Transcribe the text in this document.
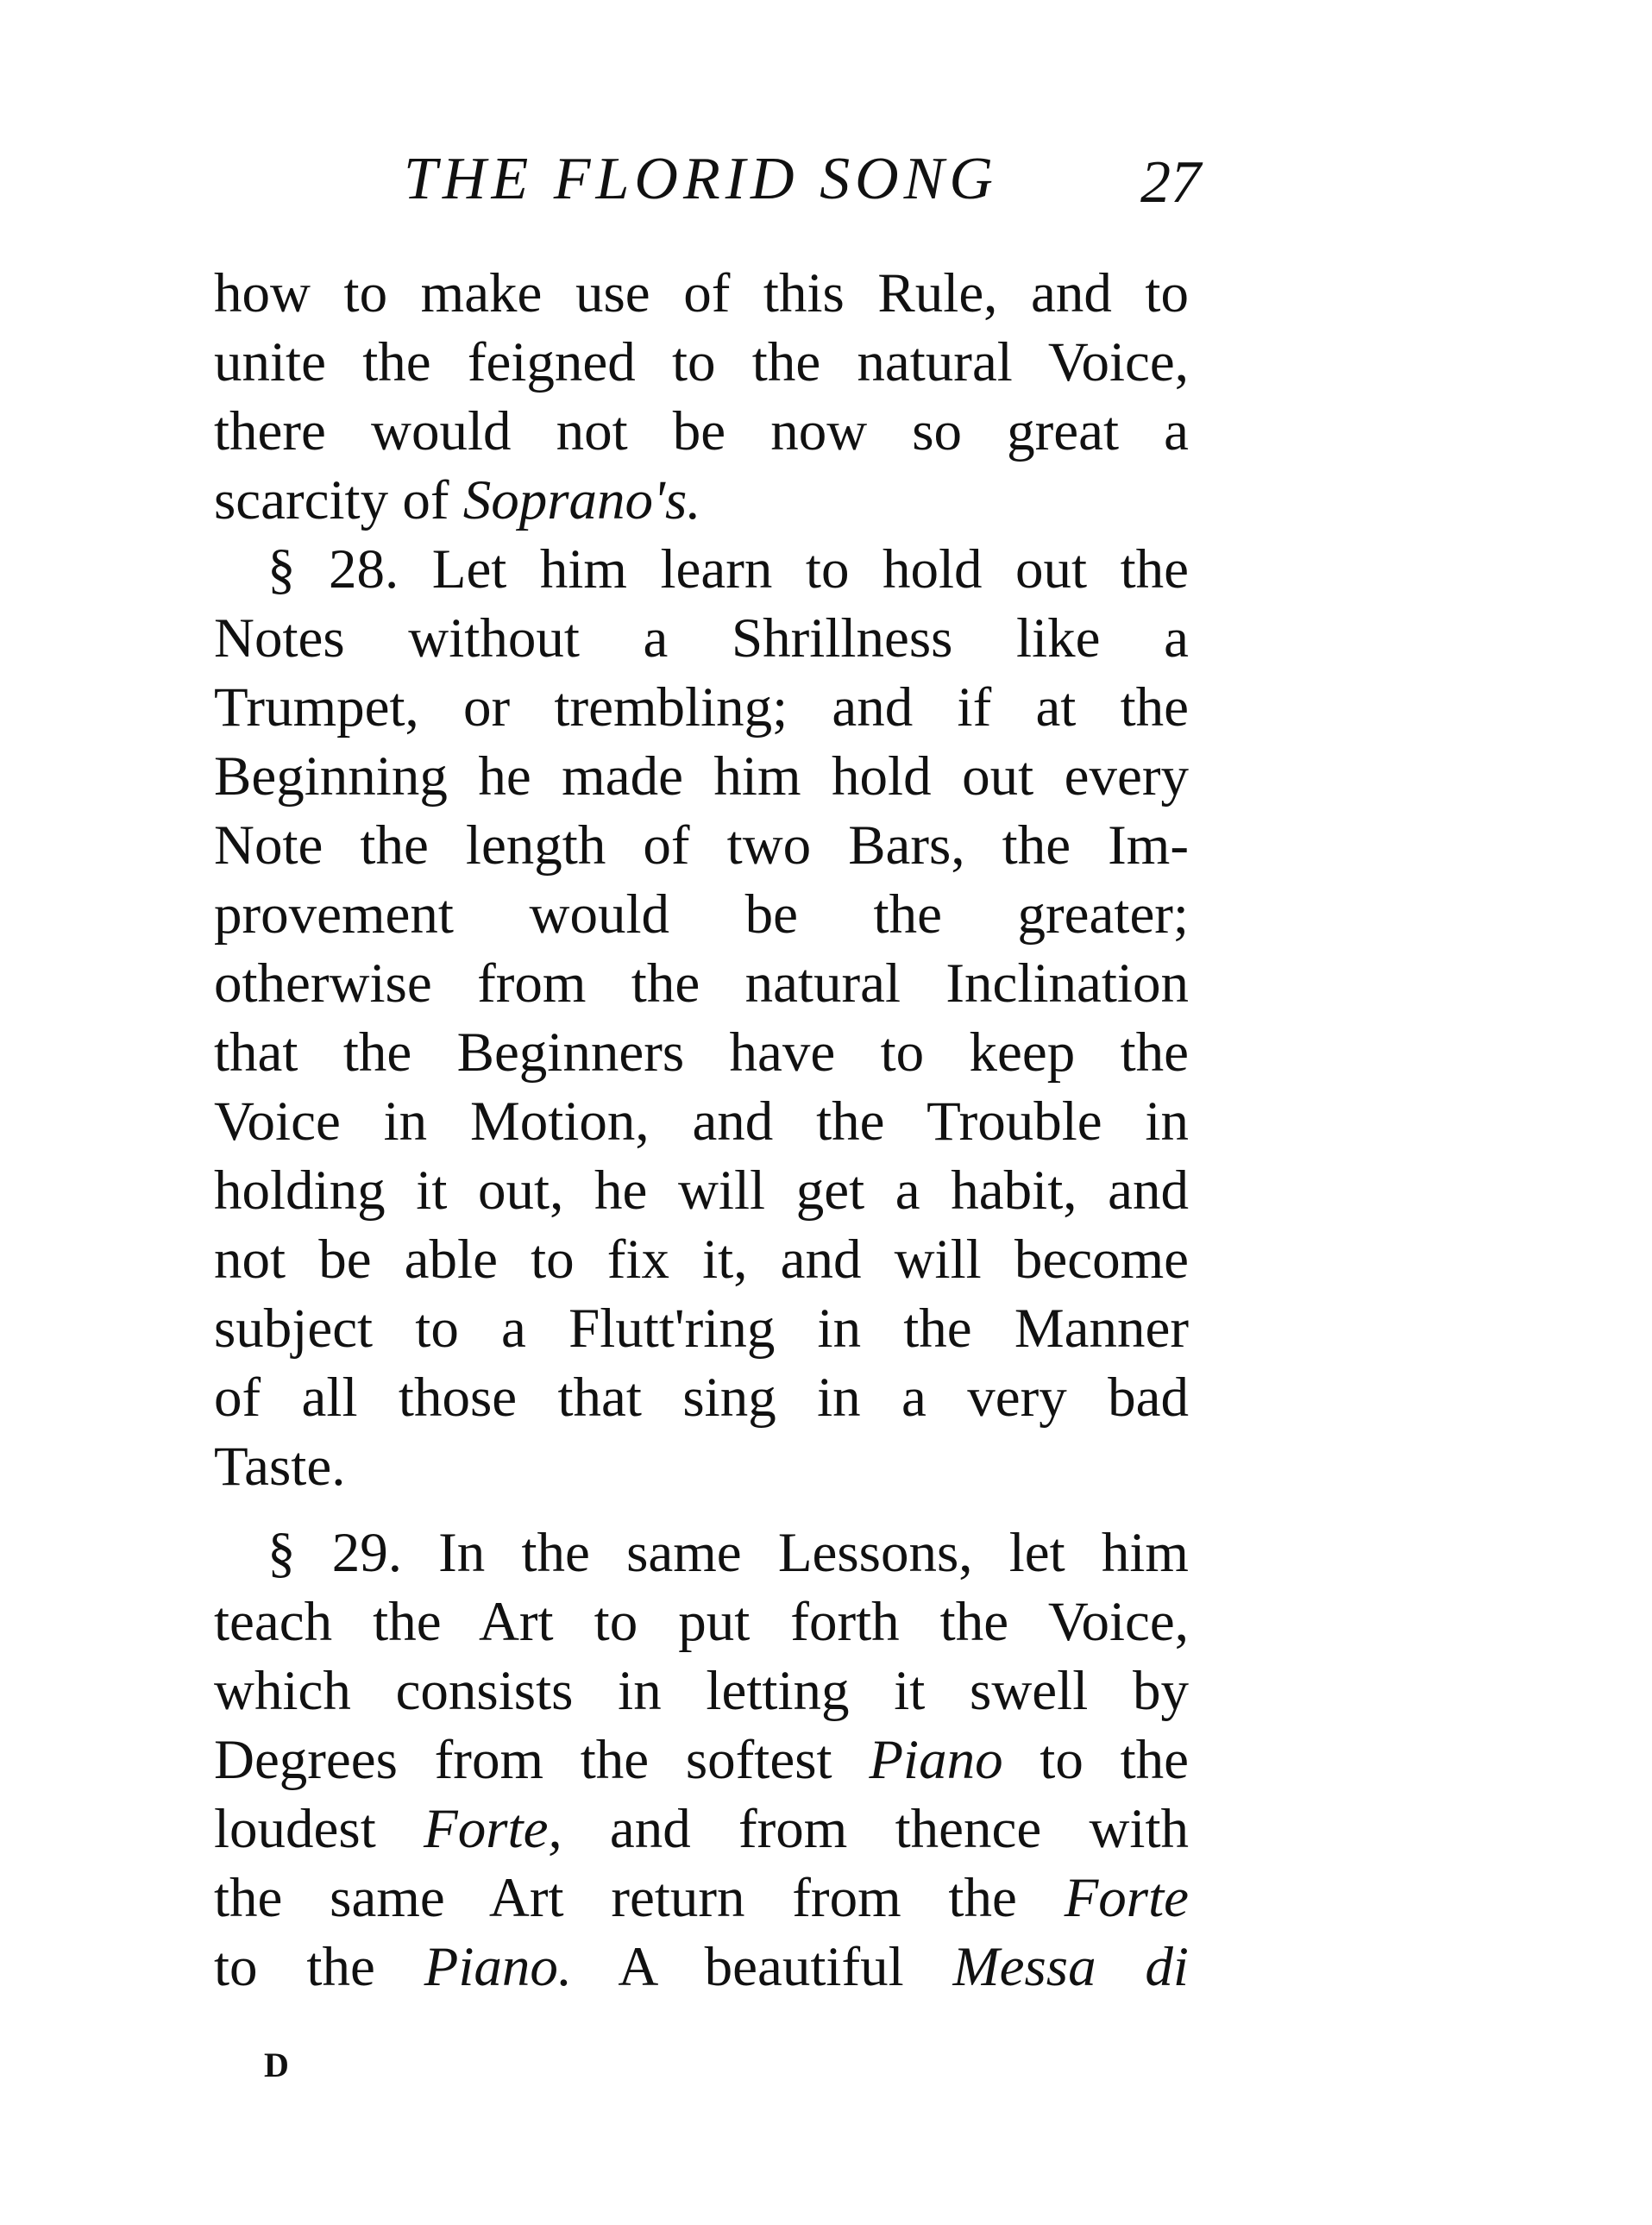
THE FLORID SONG 27
how to make use of this Rule, and to
unite the feigned to the natural Voice,
there would not be now so great a
scarcity of Soprano's.
§ 28. Let him learn to hold out the
Notes without a Shrillness like a
Trumpet, or trembling; and if at the
Beginning he made him hold out every
Note the length of two Bars, the Im-
provement would be the greater;
otherwise from the natural Inclination
that the Beginners have to keep the
Voice in Motion, and the Trouble in
holding it out, he will get a habit, and
not be able to fix it, and will become
subject to a Flutt'ring in the Manner
of all those that sing in a very bad
Taste.
§ 29. In the same Lessons, let him
teach the Art to put forth the Voice,
which consists in letting it swell by
Degrees from the softest Piano to the
loudest Forte, and from thence with
the same Art return from the Forte
to the Piano. A beautiful Messa di
D
